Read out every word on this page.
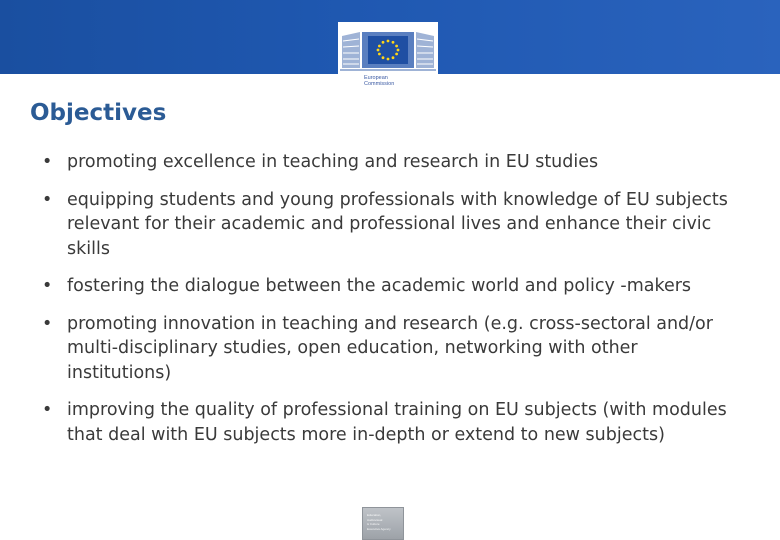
European
Commission
Objectives
• promoting excellence in teaching and research in EU studies
• equipping students and young professionals with knowledge of EU subjects relevant for their academic and professional lives and enhance their civic skills
• fostering the dialogue between the academic world and policy -makers
• promoting innovation in teaching and research (e.g. cross-sectoral and/or multi-disciplinary studies, open education, networking with other institutions)
• improving the quality of professional training on EU subjects (with modules that deal with EU subjects more in-depth or extend to new subjects)
Education,
Audiovisual
& Culture
Executive Agency
